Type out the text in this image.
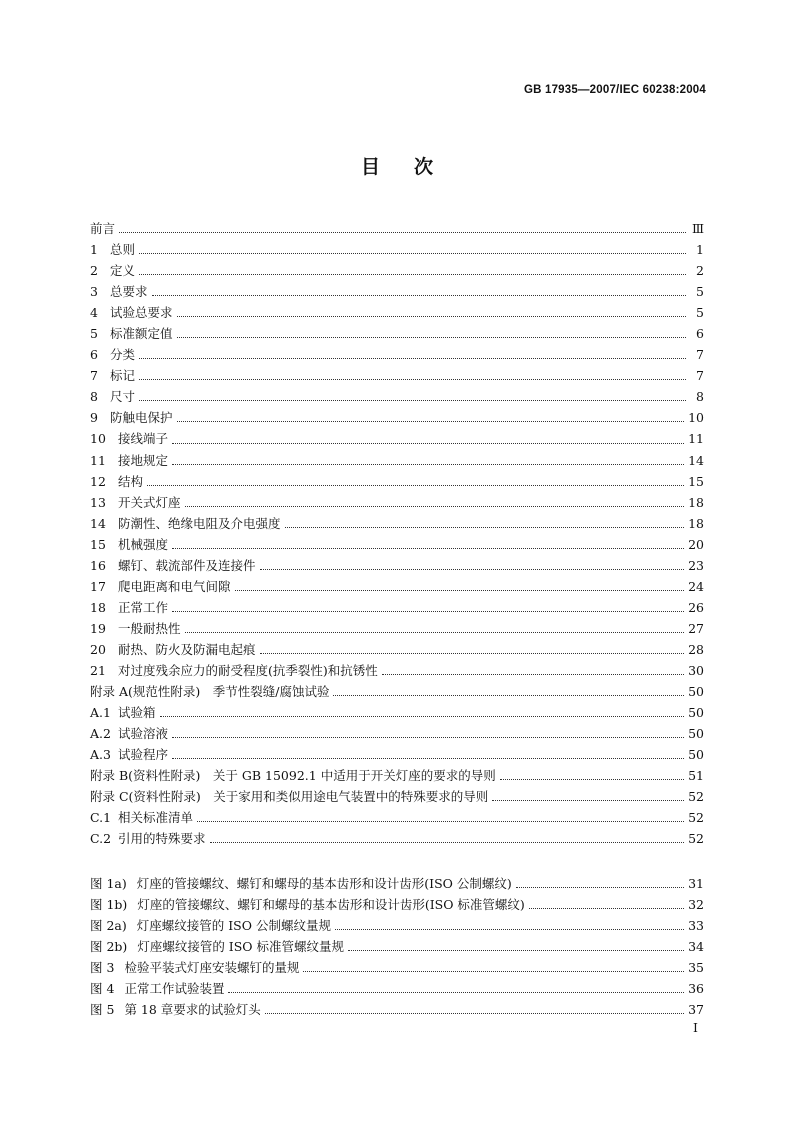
GB 17935—2007/IEC 60238:2004
目次
前言	Ⅲ
1 总则	1
2 定义	2
3 总要求	5
4 试验总要求	5
5 标准额定值	6
6 分类	7
7 标记	7
8 尺寸	8
9 防触电保护	10
10 接线端子	11
11 接地规定	14
12 结构	15
13 开关式灯座	18
14 防潮性、绝缘电阻及介电强度	18
15 机械强度	20
16 螺钉、载流部件及连接件	23
17 爬电距离和电气间隙	24
18 正常工作	26
19 一般耐热性	27
20 耐热、防火及防漏电起痕	28
21 对过度残余应力的耐受程度(抗季裂性)和抗锈性	30
附录 A(规范性附录)　季节性裂缝/腐蚀试验	50
A.1 试验箱	50
A.2 试验溶液	50
A.3 试验程序	50
附录 B(资料性附录)　关于 GB 15092.1 中适用于开关灯座的要求的导则	51
附录 C(资料性附录)　关于家用和类似用途电气装置中的特殊要求的导则	52
C.1 相关标准清单	52
C.2 引用的特殊要求	52
图 1a) 灯座的管接螺纹、螺钉和螺母的基本齿形和设计齿形(ISO 公制螺纹)	31
图 1b) 灯座的管接螺纹、螺钉和螺母的基本齿形和设计齿形(ISO 标准管螺纹)	32
图 2a) 灯座螺纹接管的 ISO 公制螺纹量规	33
图 2b) 灯座螺纹接管的 ISO 标准管螺纹量规	34
图 3 检验平装式灯座安装螺钉的量规	35
图 4 正常工作试验装置	36
图 5 第 18 章要求的试验灯头	37
Ⅰ
